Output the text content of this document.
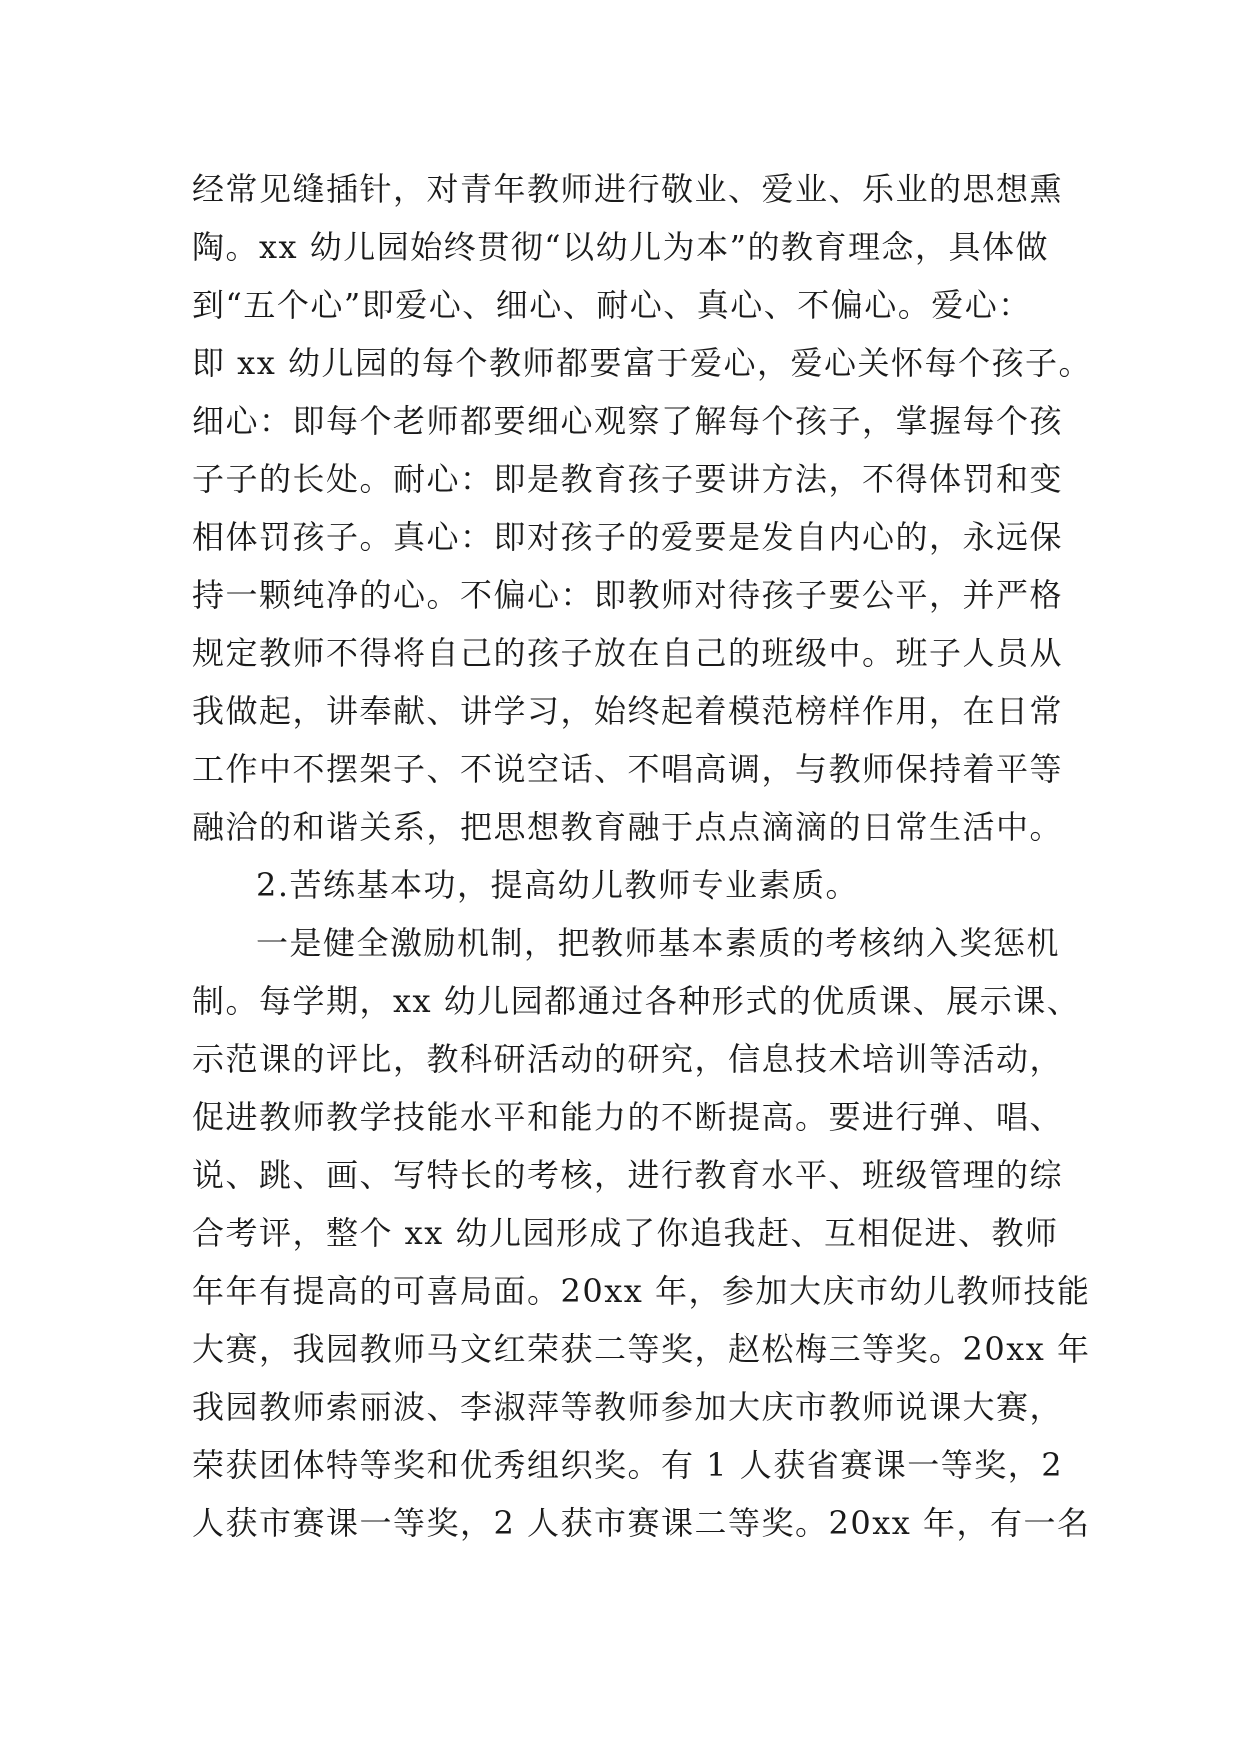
经常见缝插针，对青年教师进行敬业、爱业、乐业的思想熏
陶。xx 幼儿园始终贯彻“以幼儿为本”的教育理念，具体做
到“五个心”即爱心、细心、耐心、真心、不偏心。爱心：
即 xx 幼儿园的每个教师都要富于爱心，爱心关怀每个孩子。
细心：即每个老师都要细心观察了解每个孩子，掌握每个孩
子子的长处。耐心：即是教育孩子要讲方法，不得体罚和变
相体罚孩子。真心：即对孩子的爱要是发自内心的，永远保
持一颗纯净的心。不偏心：即教师对待孩子要公平，并严格
规定教师不得将自己的孩子放在自己的班级中。班子人员从
我做起，讲奉献、讲学习，始终起着模范榜样作用，在日常
工作中不摆架子、不说空话、不唱高调，与教师保持着平等
融洽的和谐关系，把思想教育融于点点滴滴的日常生活中。
2.苦练基本功，提高幼儿教师专业素质。
一是健全激励机制，把教师基本素质的考核纳入奖惩机
制。每学期，xx 幼儿园都通过各种形式的优质课、展示课、
示范课的评比，教科研活动的研究，信息技术培训等活动，
促进教师教学技能水平和能力的不断提高。要进行弹、唱、
说、跳、画、写特长的考核，进行教育水平、班级管理的综
合考评，整个 xx 幼儿园形成了你追我赶、互相促进、教师
年年有提高的可喜局面。20xx 年，参加大庆市幼儿教师技能
大赛，我园教师马文红荣获二等奖，赵松梅三等奖。20xx 年
我园教师索丽波、李淑萍等教师参加大庆市教师说课大赛，
荣获团体特等奖和优秀组织奖。有 1 人获省赛课一等奖，2
人获市赛课一等奖，2 人获市赛课二等奖。20xx 年，有一名
